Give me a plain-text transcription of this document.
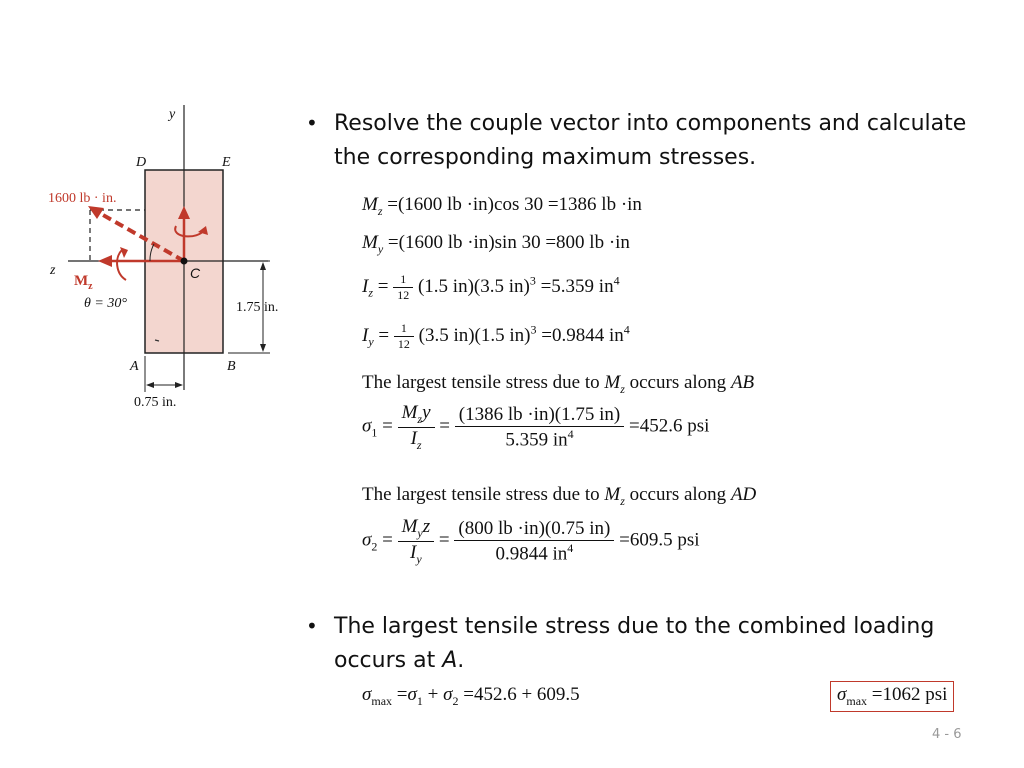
y
D	E
1600 lb · in.
z
$M_z$
C
θ = 30°	1.75 in.
A	B
0.75 in.
• Resolve the couple vector into components and calculate the corresponding maximum stresses.
$M_z =(1600$ lb ·in)cos 30 =1386 lb ·in
$M_y =(1600$ lb ·in)sin 30 =800 lb ·in
$I_z = \frac{1}{12} (1.5$ in)(3.5 in)$^3$ =5.359 $in^4$
$I_y = \frac{1}{12} (3.5$ in)(1.5 in)$^3$ =0.9844 $in^4$
The largest tensile stress due to $M_z$ occurs along AB
$\sigma_1 = \frac{M_zy}{I_z} = \frac{(1386 lb \cdot in)(1.75 in)}{5.359 in^4} =452.6$ psi
The largest tensile stress due to $M_z$ occurs along AD
$\sigma_2 = \frac{M_yz}{I_y} = \frac{(800 lb \cdot in)(0.75 in)}{0.9844 in^4} =609.5$ psi
• The largest tensile stress due to the combined loading occurs at A.
$\sigma_{max} =\sigma_1 + \sigma_2 =452.6 + 609.5$	$\sigma_{max} =1062$ psi
4 - 6
